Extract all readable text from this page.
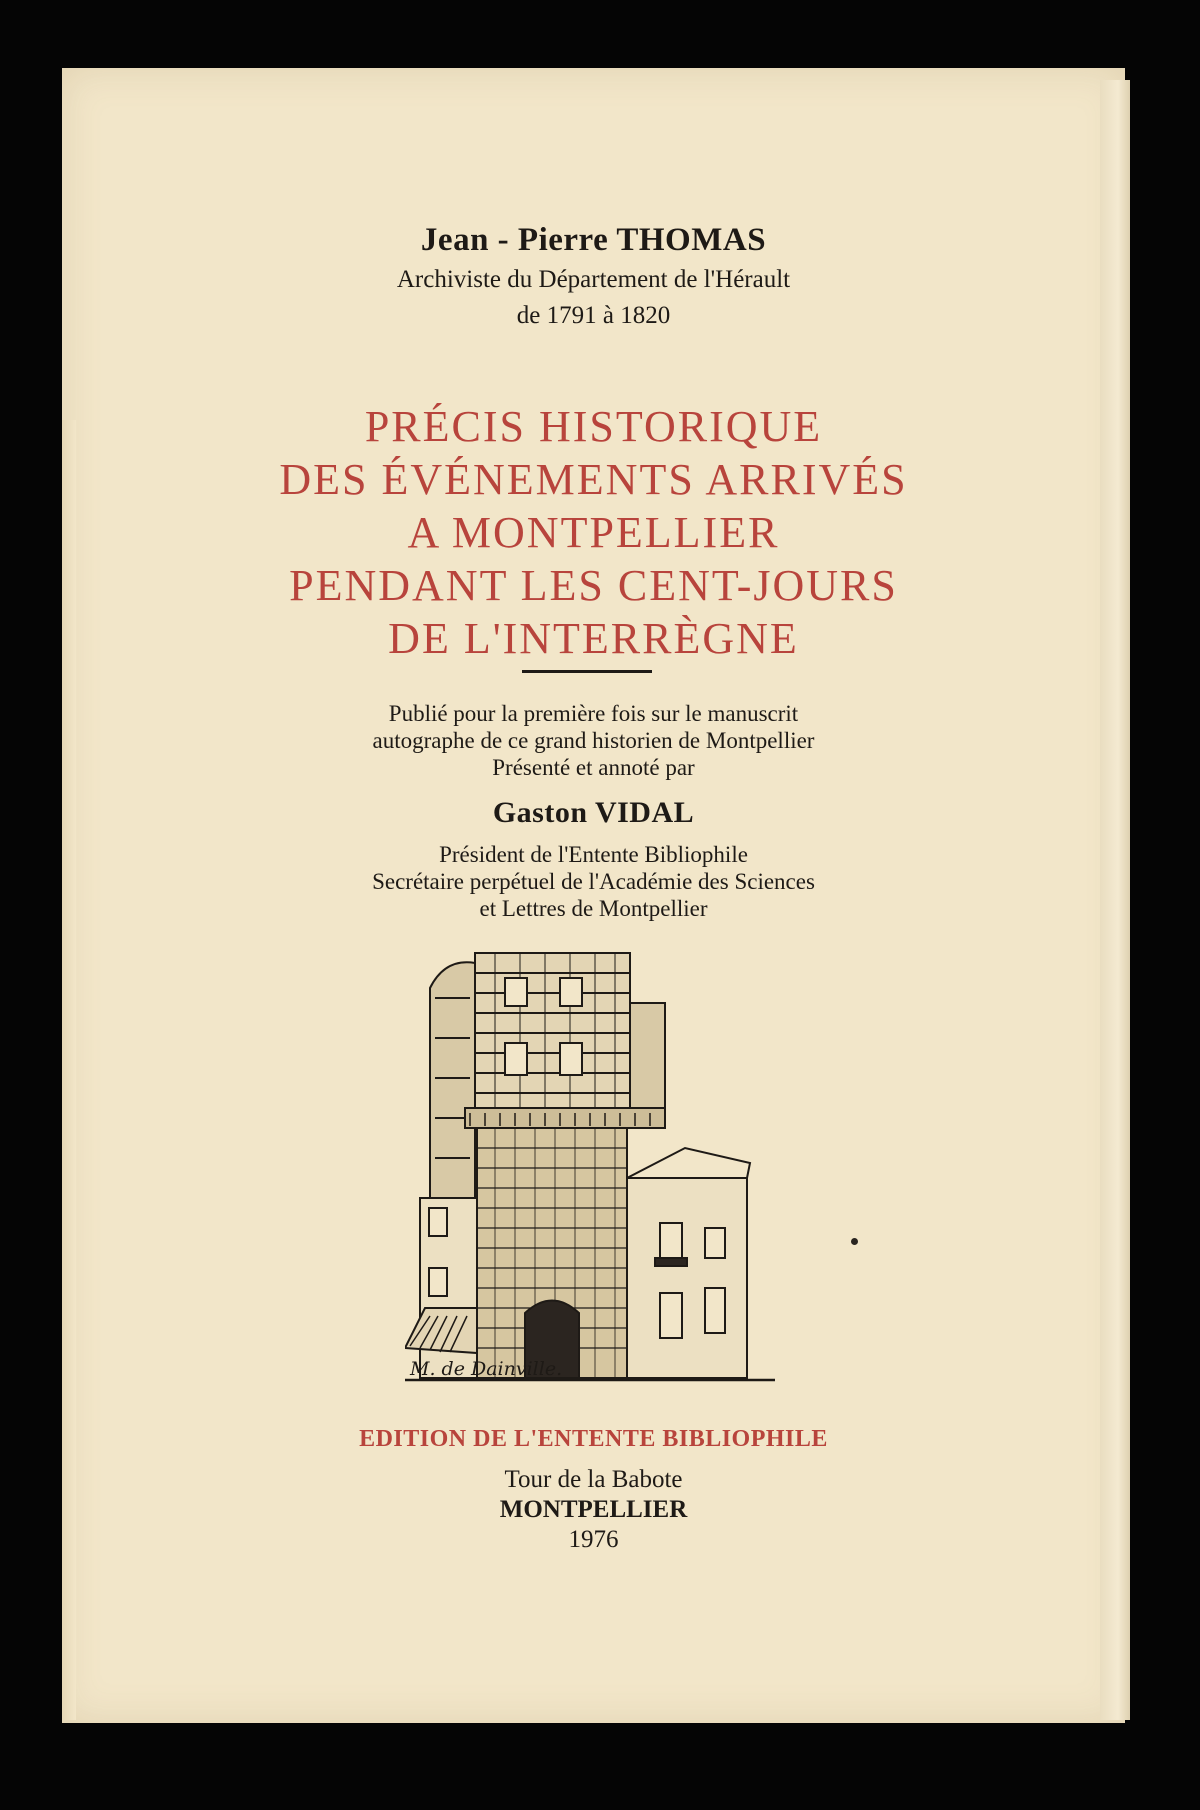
Jean - Pierre THOMAS
Archiviste du Département de l'Hérault
de 1791 à 1820
PRÉCIS HISTORIQUE
DES ÉVÉNEMENTS ARRIVÉS
A MONTPELLIER
PENDANT LES CENT-JOURS
DE L'INTERRÈGNE
Publié pour la première fois sur le manuscrit
autographe de ce grand historien de Montpellier
Présenté et annoté par
Gaston VIDAL
Président de l'Entente Bibliophile
Secrétaire perpétuel de l'Académie des Sciences
et Lettres de Montpellier
M. de Dainville.
EDITION DE L'ENTENTE BIBLIOPHILE
Tour de la Babote
MONTPELLIER
1976
